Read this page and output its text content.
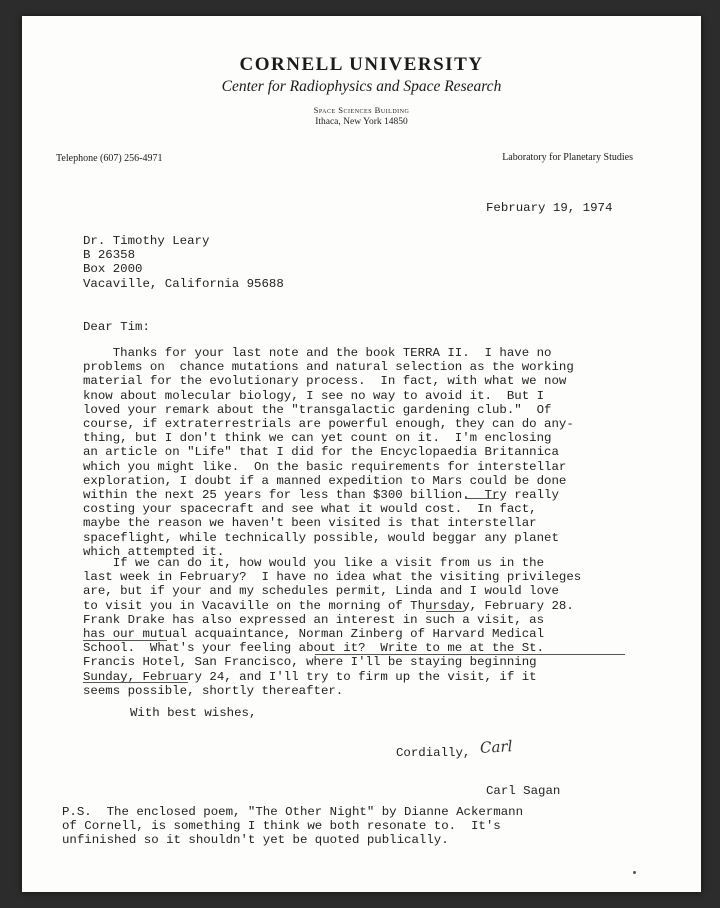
CORNELL UNIVERSITY
Center for Radiophysics and Space Research
Space Sciences Building
Ithaca, New York 14850
Telephone (607) 256-4971	Laboratory for Planetary Studies
February 19, 1974
Dr. Timothy Leary
B 26358
Box 2000
Vacaville, California 95688
Dear Tim:
Thanks for your last note and the book TERRA II.  I have no
problems on  chance mutations and natural selection as the working
material for the evolutionary process.  In fact, with what we now
know about molecular biology, I see no way to avoid it.  But I
loved your remark about the "transgalactic gardening club."  Of
course, if extraterrestrials are powerful enough, they can do any-
thing, but I don't think we can yet count on it.  I'm enclosing
an article on "Life" that I did for the Encyclopaedia Britannica
which you might like.  On the basic requirements for interstellar
exploration, I doubt if a manned expedition to Mars could be done
within the next 25 years for less than $300 billion.  Try really
costing your spacecraft and see what it would cost.  In fact,
maybe the reason we haven't been visited is that interstellar
spaceflight, while technically possible, would beggar any planet
which attempted it.
If we can do it, how would you like a visit from us in the
last week in February?  I have no idea what the visiting privileges
are, but if your and my schedules permit, Linda and I would love
to visit you in Vacaville on the morning of Thursday, February 28.
Frank Drake has also expressed an interest in such a visit, as
has our mutual acquaintance, Norman Zinberg of Harvard Medical
School.  What's your feeling about it?  Write to me at the St.
Francis Hotel, San Francisco, where I'll be staying beginning
Sunday, February 24, and I'll try to firm up the visit, if it
seems possible, shortly thereafter.
With best wishes,
Cordially, Carl
Carl Sagan
P.S.  The enclosed poem, "The Other Night" by Dianne Ackermann
of Cornell, is something I think we both resonate to.  It's
unfinished so it shouldn't yet be quoted publically.
